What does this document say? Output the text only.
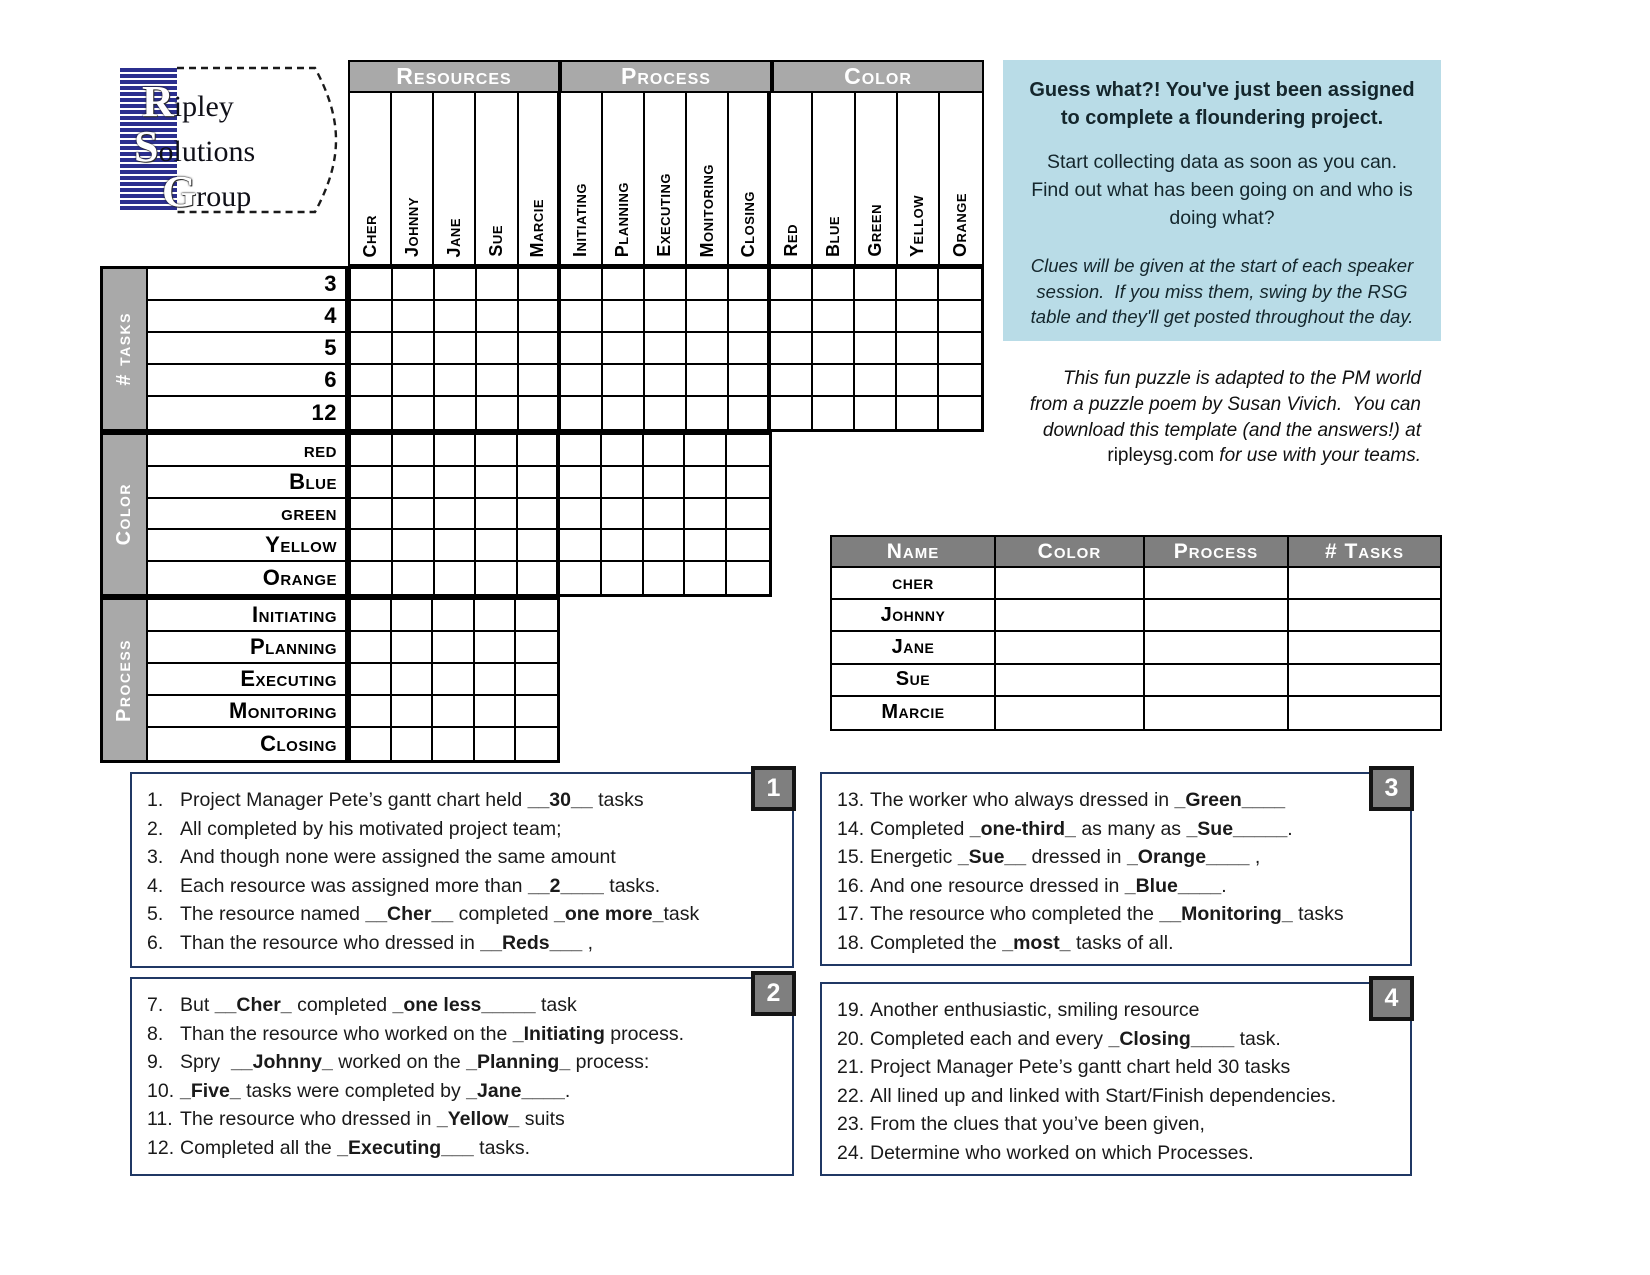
R ipley
S olutions
G roup
Resources	Process	Color
Cher Johnny Jane Sue Marcie Initiating Planning Executing Monitoring Closing Red Blue Green Yellow Orange
# tasks
3
4
5
6
12
Color
red
Blue
green
Yellow
Orange
Process
Initiating
Planning
Executing
Monitoring
Closing
Guess what?! You've just been assigned to complete a floundering project.
Start collecting data as soon as you can.  Find out what has been going on and who is doing what?
Clues will be given at the start of each speaker session.  If you miss them, swing by the RSG table and they'll get posted throughout the day.
This fun puzzle is adapted to the PM world from a puzzle poem by Susan Vivich.  You can download this template (and the answers!) at ripleysg.com for use with your teams.
Name	Color	Process	# Tasks
cher
Johnny
Jane
Sue
Marcie
1
1. Project Manager Pete’s gantt chart held __30__ tasks
2. All completed by his motivated project team;
3. And though none were assigned the same amount
4. Each resource was assigned more than __2____ tasks.
5. The resource named __Cher__ completed _one more_task
6. Than the resource who dressed in __Reds___ ,
2
7. But __Cher_ completed _one less_____ task
8. Than the resource who worked on the _Initiating process.
9. Spry  __Johnny_ worked on the _Planning_ process:
10. _Five_ tasks were completed by _Jane____.
11. The resource who dressed in _Yellow_ suits
12. Completed all the _Executing___ tasks.
3
13. The worker who always dressed in _Green____
14. Completed _one-third_ as many as _Sue_____.
15. Energetic _Sue__ dressed in _Orange____ ,
16. And one resource dressed in _Blue____.
17. The resource who completed the __Monitoring_ tasks
18. Completed the _most_ tasks of all.
4
19. Another enthusiastic, smiling resource
20. Completed each and every _Closing____ task.
21. Project Manager Pete’s gantt chart held 30 tasks
22. All lined up and linked with Start/Finish dependencies.
23. From the clues that you’ve been given,
24. Determine who worked on which Processes.
